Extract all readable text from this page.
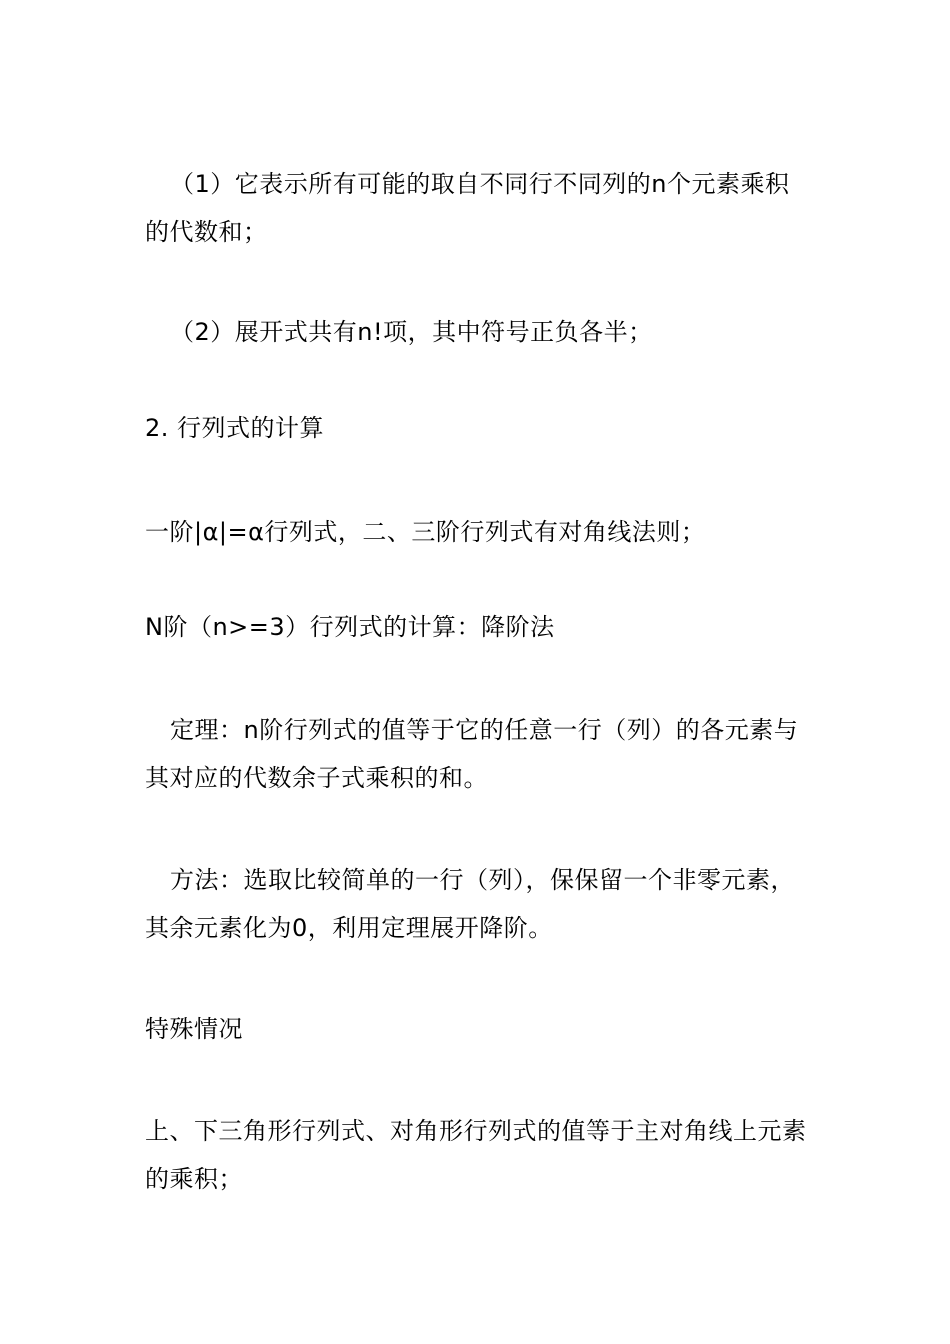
（1）它表示所有可能的取自不同行不同列的n个元素乘积的代数和；

（2）展开式共有n!项，其中符号正负各半；

2. 行列式的计算

一阶|α|=α行列式，二、三阶行列式有对角线法则；

N阶（n>=3）行列式的计算：降阶法

定理：n阶行列式的值等于它的任意一行（列）的各元素与其对应的代数余子式乘积的和。

方法：选取比较简单的一行（列），保保留一个非零元素，其余元素化为0，利用定理展开降阶。

特殊情况

上、下三角形行列式、对角形行列式的值等于主对角线上元素的乘积；
